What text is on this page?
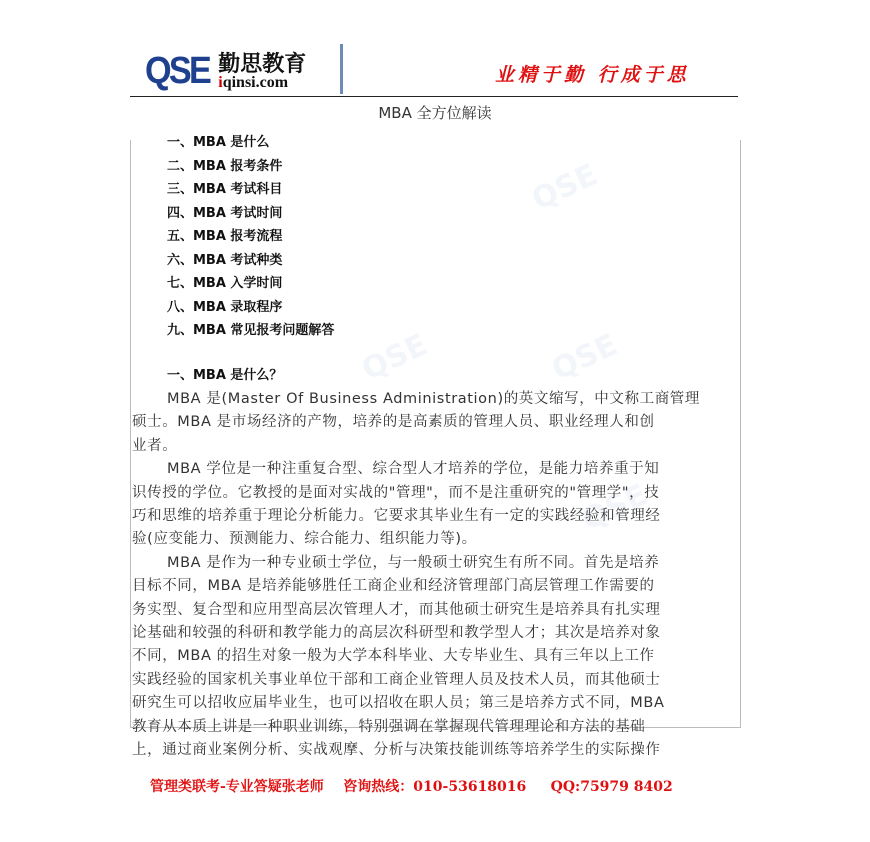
QSE 勤思教育
iqinsi.com	业精于勤 行成于思
MBA 全方位解读
QSE
QSE
QSE
QSE
一、MBA 是什么
二、MBA 报考条件
三、MBA 考试科目
四、MBA 考试时间
五、MBA 报考流程
六、MBA 考试种类
七、MBA 入学时间
八、MBA 录取程序
九、MBA 常见报考问题解答
一、MBA 是什么？
MBA 是(Master Of Business Administration)的英文缩写，中文称工商管理
硕士。MBA 是市场经济的产物，培养的是高素质的管理人员、职业经理人和创
业者。
MBA 学位是一种注重复合型、综合型人才培养的学位，是能力培养重于知
识传授的学位。它教授的是面对实战的"管理"，而不是注重研究的"管理学"，技
巧和思维的培养重于理论分析能力。它要求其毕业生有一定的实践经验和管理经
验(应变能力、预测能力、综合能力、组织能力等)。
MBA 是作为一种专业硕士学位，与一般硕士研究生有所不同。首先是培养
目标不同，MBA 是培养能够胜任工商企业和经济管理部门高层管理工作需要的
务实型、复合型和应用型高层次管理人才，而其他硕士研究生是培养具有扎实理
论基础和较强的科研和教学能力的高层次科研型和教学型人才；其次是培养对象
不同，MBA 的招生对象一般为大学本科毕业、大专毕业生、具有三年以上工作
实践经验的国家机关事业单位干部和工商企业管理人员及技术人员，而其他硕士
研究生可以招收应届毕业生，也可以招收在职人员；第三是培养方式不同，MBA
教育从本质上讲是一种职业训练，特别强调在掌握现代管理理论和方法的基础
上，通过商业案例分析、实战观摩、分析与决策技能训练等培养学生的实际操作
管理类联考-专业答疑张老师    咨询热线：010-53618016     QQ:75979 8402
